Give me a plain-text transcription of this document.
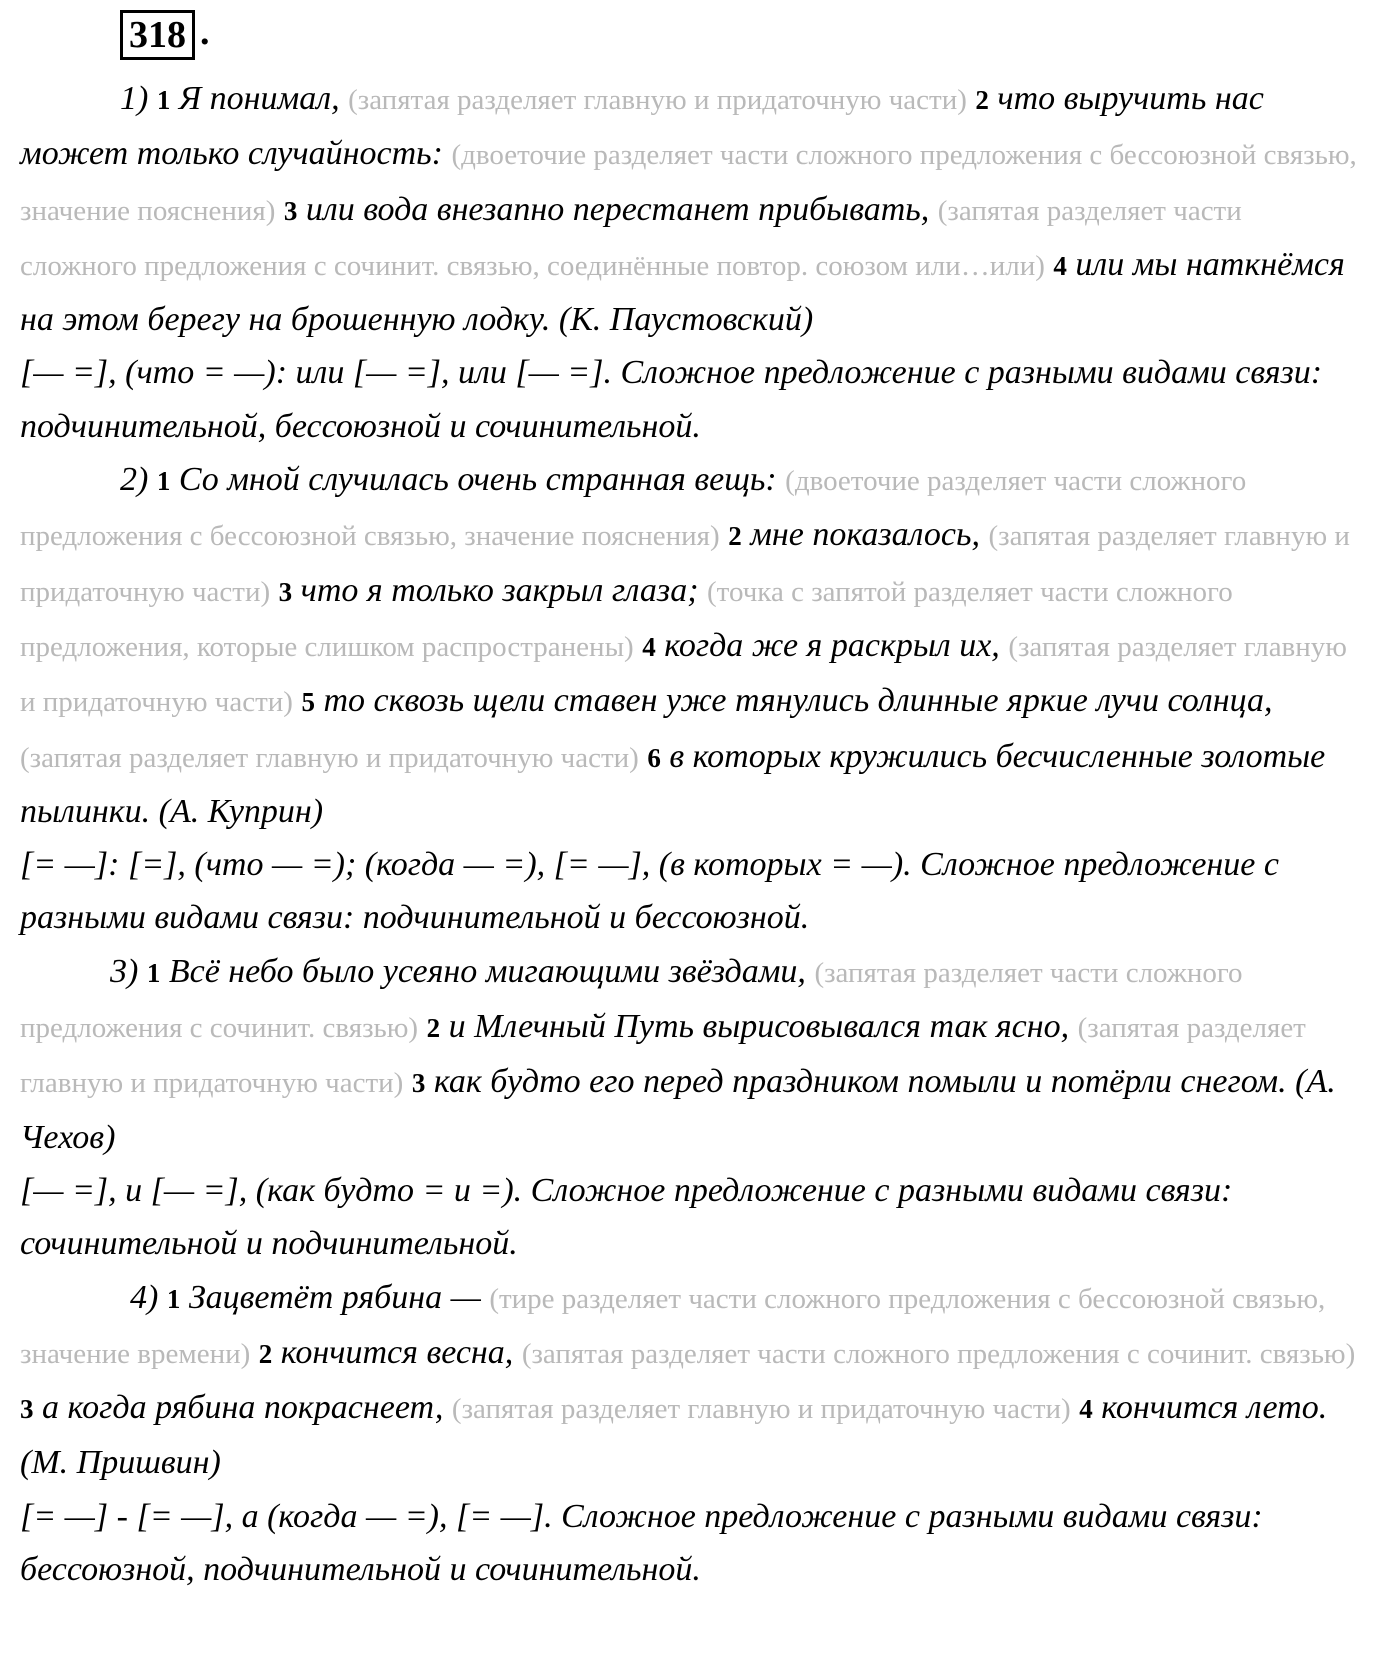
318 .

1) 1 Я понимал, (запятая разделяет главную и придаточную части) 2 что выручить нас может только случайность: (двоеточие разделяет части сложного предложения с бессоюзной связью, значение пояснения) 3 или вода внезапно перестанет прибывать, (запятая разделяет части сложного предложения с сочинит. связью, соединённые повтор. союзом или…или) 4 или мы наткнёмся на этом берегу на брошенную лодку. (К. Паустовский)

[— =], (что = —): или [— =], или [— =]. Сложное предложение с разными видами связи: подчинительной, бессоюзной и сочинительной.

2) 1 Со мной случилась очень странная вещь: (двоеточие разделяет части сложного предложения с бессоюзной связью, значение пояснения) 2 мне показалось, (запятая разделяет главную и придаточную части) 3 что я только закрыл глаза; (точка с запятой разделяет части сложного предложения, которые слишком распространены) 4 когда же я раскрыл их, (запятая разделяет главную и придаточную части) 5 то сквозь щели ставен уже тянулись длинные яркие лучи солнца, (запятая разделяет главную и придаточную части) 6 в которых кружились бесчисленные золотые пылинки. (А. Куприн)

[= —]: [=], (что — =); (когда — =), [= —], (в которых = —). Сложное предложение с разными видами связи: подчинительной и бессоюзной.

3) 1 Всё небо было усеяно мигающими звёздами, (запятая разделяет части сложного предложения с сочинит. связью) 2 и Млечный Путь вырисовывался так ясно, (запятая разделяет главную и придаточную части) 3 как будто его перед праздником помыли и потёрли снегом. (А. Чехов)

[— =], и [— =], (как будто = и =). Сложное предложение с разными видами связи: сочинительной и подчинительной.

4) 1 Зацветёт рябина — (тире разделяет части сложного предложения с бессоюзной связью, значение времени) 2 кончится весна, (запятая разделяет части сложного предложения с сочинит. связью) 3 а когда рябина покраснеет, (запятая разделяет главную и придаточную части) 4 кончится лето. (М. Пришвин)

[= —] - [= —], а (когда — =), [= —]. Сложное предложение с разными видами связи: бессоюзной, подчинительной и сочинительной.
